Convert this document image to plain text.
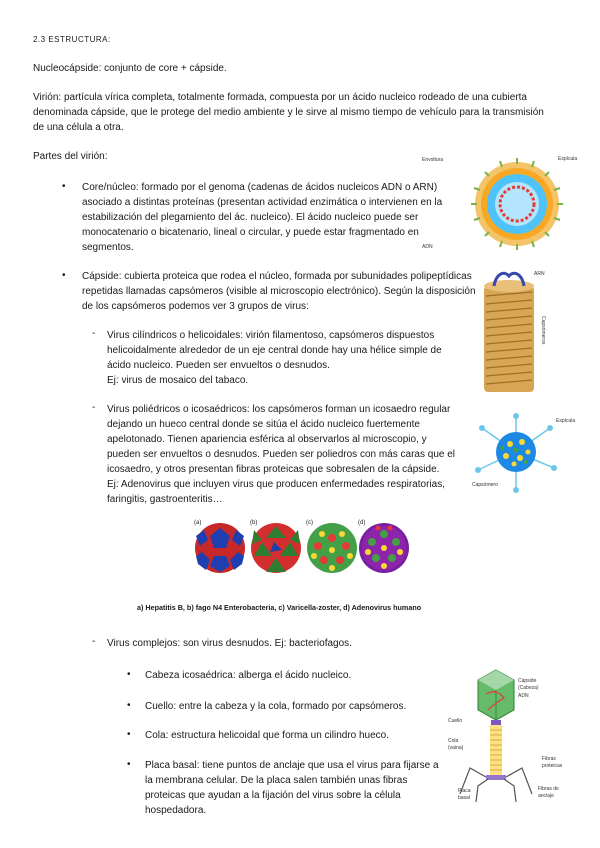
2.3 ESTRUCTURA:

Nucleocápside: conjunto de core + cápside.

Virión: partícula vírica completa, totalmente formada, compuesta por un ácido nucleico rodeado de una cubierta

denominada cápside, que le protege del medio ambiente y le sirve al mismo tiempo de vehículo para la transmisión

de una célula a otra.

Partes del virión:

• Core/núcleo: formado por el genoma (cadenas de ácidos nucleicos ADN o ARN)

asociado a distintas proteínas (presentan actividad enzimática o intervienen en la

estabilización del plegamiento del ác. nucleico). El ácido nucleico puede ser

monocatenario o bicatenario, lineal o circular, y puede estar fragmentado en

segmentos.

• Cápside: cubierta proteica que rodea el núcleo, formada por subunidades polipeptídicas

repetidas llamadas capsómeros (visible al microscopio electrónico). Según la disposición

de los capsómeros podemos ver 3 grupos de virus:

- Virus cilíndricos o helicoidales: virión filamentoso, capsómeros dispuestos

helicoidalmente alrededor de un eje central donde hay una hélice simple de

ácido nucleico. Pueden ser envueltos o desnudos.

Ej: virus de mosaico del tabaco.

- Virus poliédricos o icosaédricos: los capsómeros forman un icosaedro regular

dejando un hueco central donde se sitúa el ácido nucleico fuertemente

apelotonado. Tienen apariencia esférica al observarlos al microscopio, y

pueden ser envueltos o desnudos. Pueden ser poliedros con más caras que el

icosaedro, y otros presentan fibras proteicas que sobresalen de la cápside.

Ej: Adenovirus que incluyen virus que producen enfermedades respiratorias,

faringitis, gastroenteritis…

(a)	(b)	(c)	(d)

a) Hepatitis B, b) fago N4 Enterobacteria, c) Varicella-zoster, d) Adenovirus humano

- Virus complejos: son virus desnudos. Ej: bacteriofagos.

• Cabeza icosaédrica: alberga el ácido nucleico.

• Cuello: entre la cabeza y la cola, formado por capsómeros.

• Cola: estructura helicoidal que forma un cilindro hueco.

• Placa basal: tiene puntos de anclaje que usa el virus para fijarse a

la membrana celular. De la placa salen también unas fibras

proteicas que ayudan a la fijación del virus sobre la célula

hospedadora.

Envoltura	Espícula
ADN
ARN
Capsómeros
Espícula
Capsómero
Cápside
(Cabeza)
ADN
Cuello
Cola
(vaina)
Fibras
proteicas
Placa
basal
Fibras de
anclaje
